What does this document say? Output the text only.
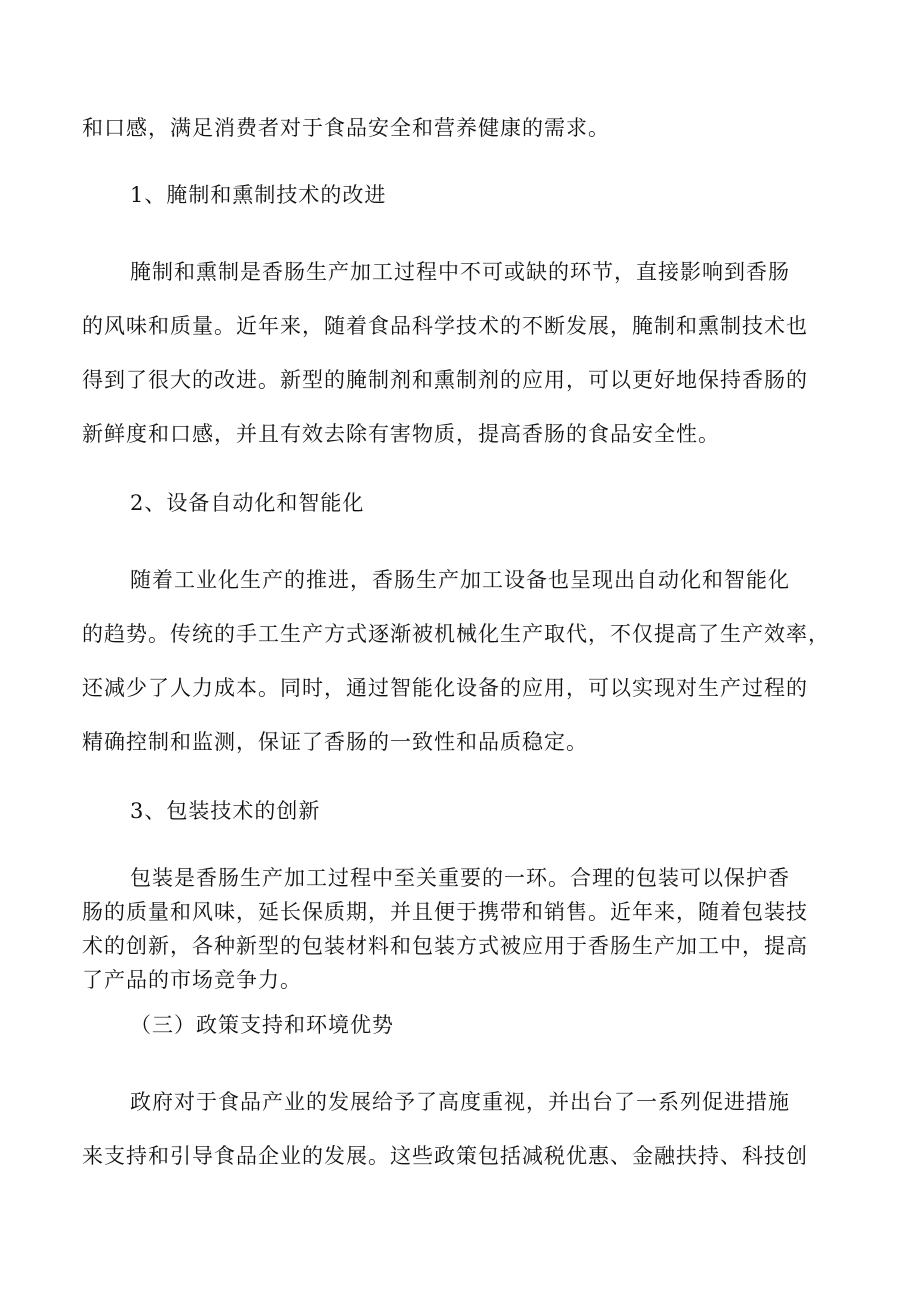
和口感，满足消费者对于食品安全和营养健康的需求。

1、腌制和熏制技术的改进

腌制和熏制是香肠生产加工过程中不可或缺的环节，直接影响到香肠
的风味和质量。近年来，随着食品科学技术的不断发展，腌制和熏制技术也
得到了很大的改进。新型的腌制剂和熏制剂的应用，可以更好地保持香肠的
新鲜度和口感，并且有效去除有害物质，提高香肠的食品安全性。

2、设备自动化和智能化

随着工业化生产的推进，香肠生产加工设备也呈现出自动化和智能化
的趋势。传统的手工生产方式逐渐被机械化生产取代，不仅提高了生产效率，
还减少了人力成本。同时，通过智能化设备的应用，可以实现对生产过程的
精确控制和监测，保证了香肠的一致性和品质稳定。

3、包装技术的创新

包装是香肠生产加工过程中至关重要的一环。合理的包装可以保护香
肠的质量和风味，延长保质期，并且便于携带和销售。近年来，随着包装技
术的创新，各种新型的包装材料和包装方式被应用于香肠生产加工中，提高
了产品的市场竞争力。

（三）政策支持和环境优势

政府对于食品产业的发展给予了高度重视，并出台了一系列促进措施
来支持和引导食品企业的发展。这些政策包括减税优惠、金融扶持、科技创
